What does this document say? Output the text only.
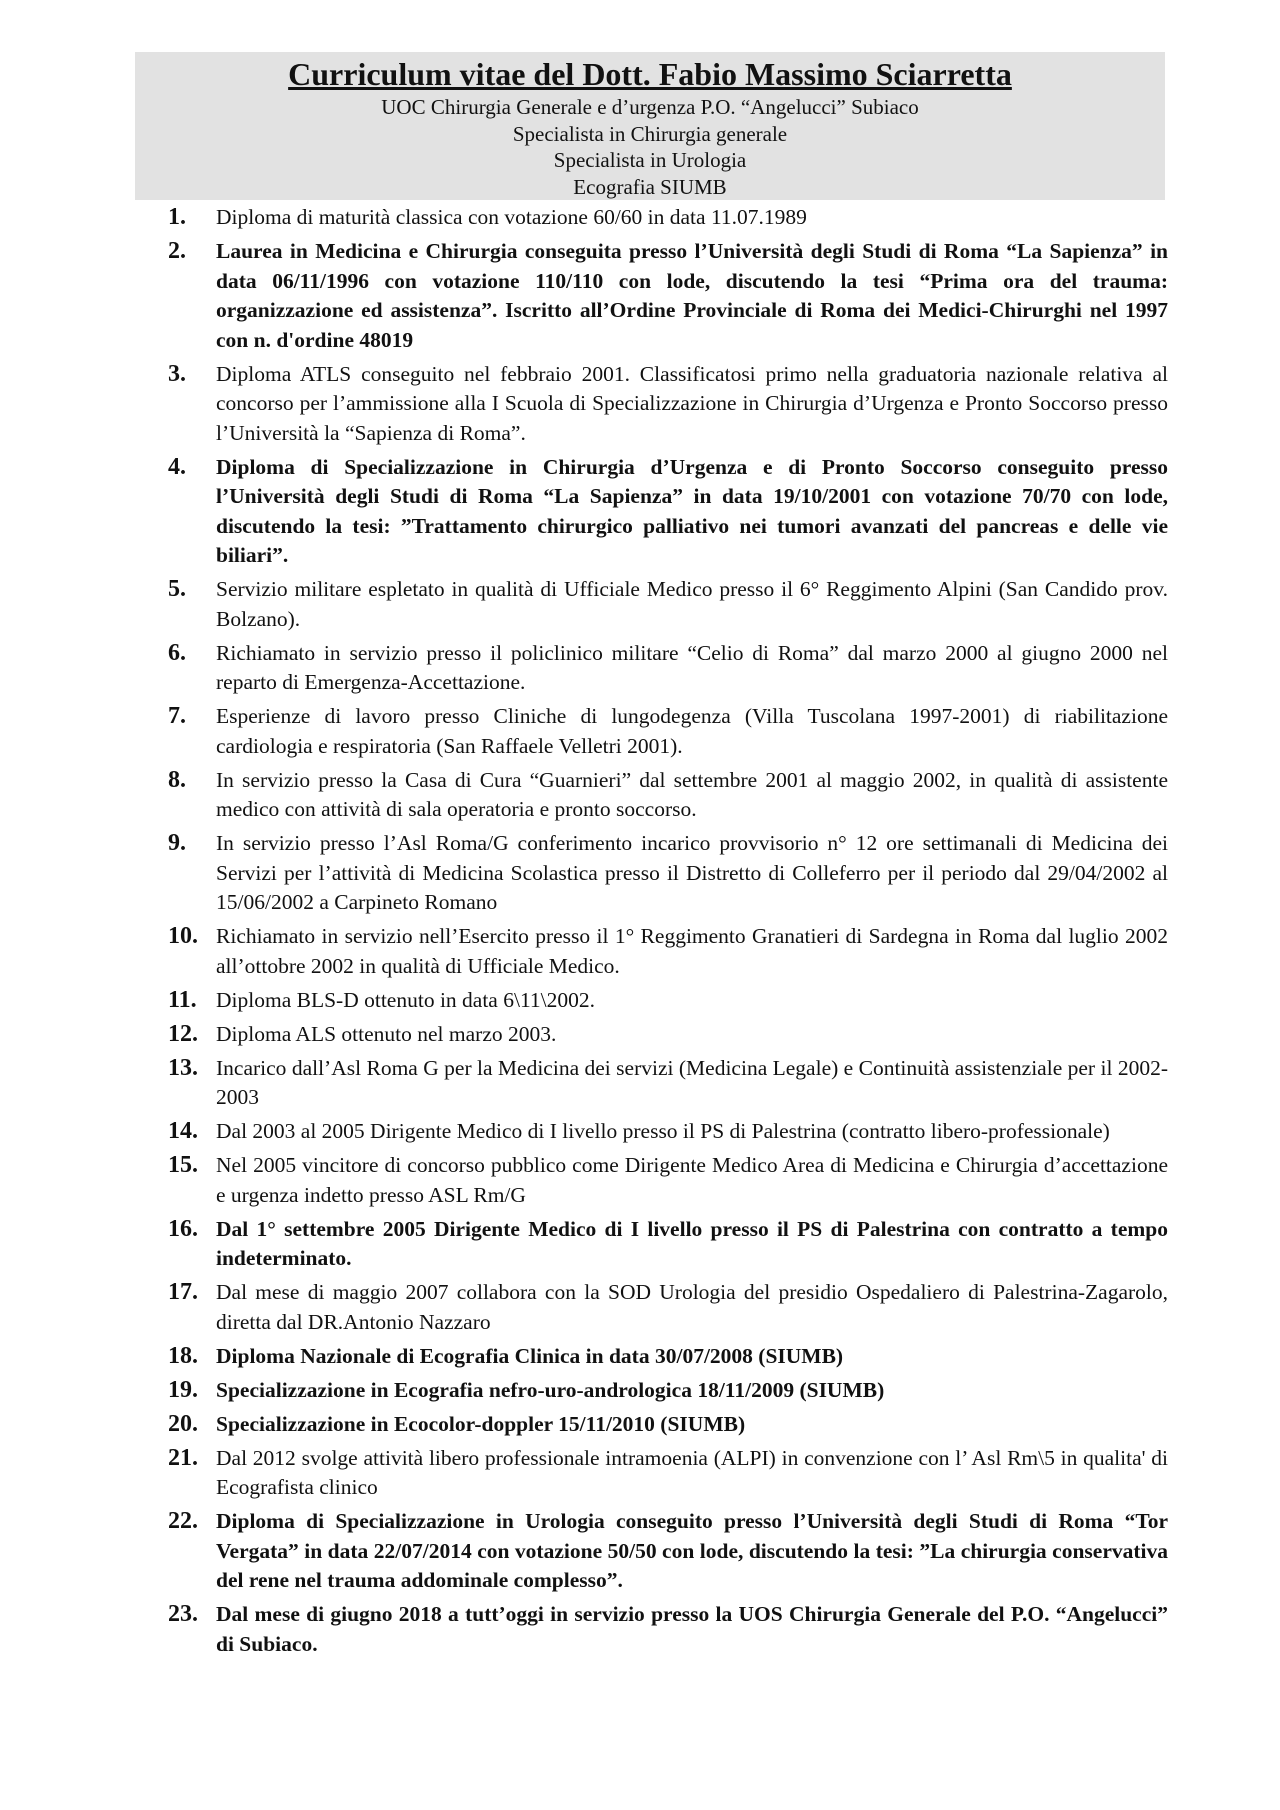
Curriculum vitae del Dott. Fabio Massimo Sciarretta
UOC Chirurgia Generale e d’urgenza P.O. “Angelucci” Subiaco
Specialista in Chirurgia generale
Specialista in Urologia
Ecografia SIUMB
1.	Diploma di maturità classica con votazione 60/60 in data 11.07.1989
2.	Laurea in Medicina e Chirurgia conseguita presso l’Università degli Studi di Roma “La Sapienza” in data 06/11/1996 con votazione 110/110 con lode, discutendo la tesi “Prima ora del trauma: organizzazione ed assistenza”. Iscritto all’Ordine Provinciale di Roma dei Medici-Chirurghi nel 1997 con n. d'ordine 48019
3.	Diploma ATLS conseguito nel febbraio 2001. Classificatosi primo nella graduatoria nazionale relativa al concorso per l’ammissione alla I Scuola di Specializzazione in Chirurgia d’Urgenza e Pronto Soccorso presso l’Università la “Sapienza di Roma”.
4.	Diploma di Specializzazione in Chirurgia d’Urgenza e di Pronto Soccorso conseguito presso l’Università degli Studi di Roma “La Sapienza” in data 19/10/2001 con votazione 70/70 con lode, discutendo la tesi: ”Trattamento chirurgico palliativo nei tumori avanzati del pancreas e delle vie biliari”.
5.	Servizio militare espletato in qualità di Ufficiale Medico presso il 6° Reggimento Alpini (San Candido prov. Bolzano).
6.	Richiamato in servizio presso il policlinico militare “Celio di Roma” dal marzo 2000 al giugno 2000 nel reparto di Emergenza-Accettazione.
7.	Esperienze di lavoro presso Cliniche di lungodegenza (Villa Tuscolana 1997-2001) di riabilitazione cardiologia e respiratoria (San Raffaele Velletri 2001).
8.	In servizio presso la Casa di Cura “Guarnieri” dal settembre 2001 al maggio 2002, in qualità di assistente medico con attività di sala operatoria e pronto soccorso.
9.	In servizio presso l’Asl Roma/G conferimento incarico provvisorio n° 12 ore settimanali di Medicina dei Servizi per l’attività di Medicina Scolastica presso il Distretto di Colleferro per il periodo dal 29/04/2002 al 15/06/2002 a Carpineto Romano
10. Richiamato in servizio nell’Esercito presso il 1° Reggimento Granatieri di Sardegna in Roma dal luglio 2002 all’ottobre 2002 in qualità di Ufficiale Medico.
11. Diploma BLS-D ottenuto in data 6\11\2002.
12. Diploma ALS ottenuto nel marzo 2003.
13. Incarico dall’Asl Roma G per la Medicina dei servizi (Medicina Legale) e Continuità assistenziale per il 2002-2003
14. Dal 2003 al 2005 Dirigente Medico di I livello presso il PS di Palestrina (contratto libero-professionale)
15. Nel 2005 vincitore di concorso pubblico come Dirigente Medico Area di Medicina e Chirurgia d’accettazione e urgenza indetto presso ASL Rm/G
16. Dal 1° settembre 2005 Dirigente Medico di I livello presso il PS di Palestrina con contratto a tempo indeterminato.
17. Dal mese di maggio 2007 collabora con la SOD Urologia del presidio Ospedaliero di Palestrina-Zagarolo, diretta dal DR.Antonio Nazzaro
18. Diploma Nazionale di Ecografia Clinica in data 30/07/2008 (SIUMB)
19. Specializzazione in Ecografia nefro-uro-andrologica 18/11/2009 (SIUMB)
20. Specializzazione in Ecocolor-doppler 15/11/2010 (SIUMB)
21. Dal 2012 svolge attività libero professionale intramoenia (ALPI) in convenzione con l’ Asl Rm\5 in qualita' di Ecografista clinico
22. Diploma di Specializzazione in Urologia conseguito presso l’Università degli Studi di Roma “Tor Vergata” in data 22/07/2014 con votazione 50/50 con lode, discutendo la tesi: ”La chirurgia conservativa del rene nel trauma addominale complesso”.
23. Dal mese di giugno 2018 a tutt’oggi in servizio presso la UOS Chirurgia Generale del P.O. “Angelucci” di Subiaco.
